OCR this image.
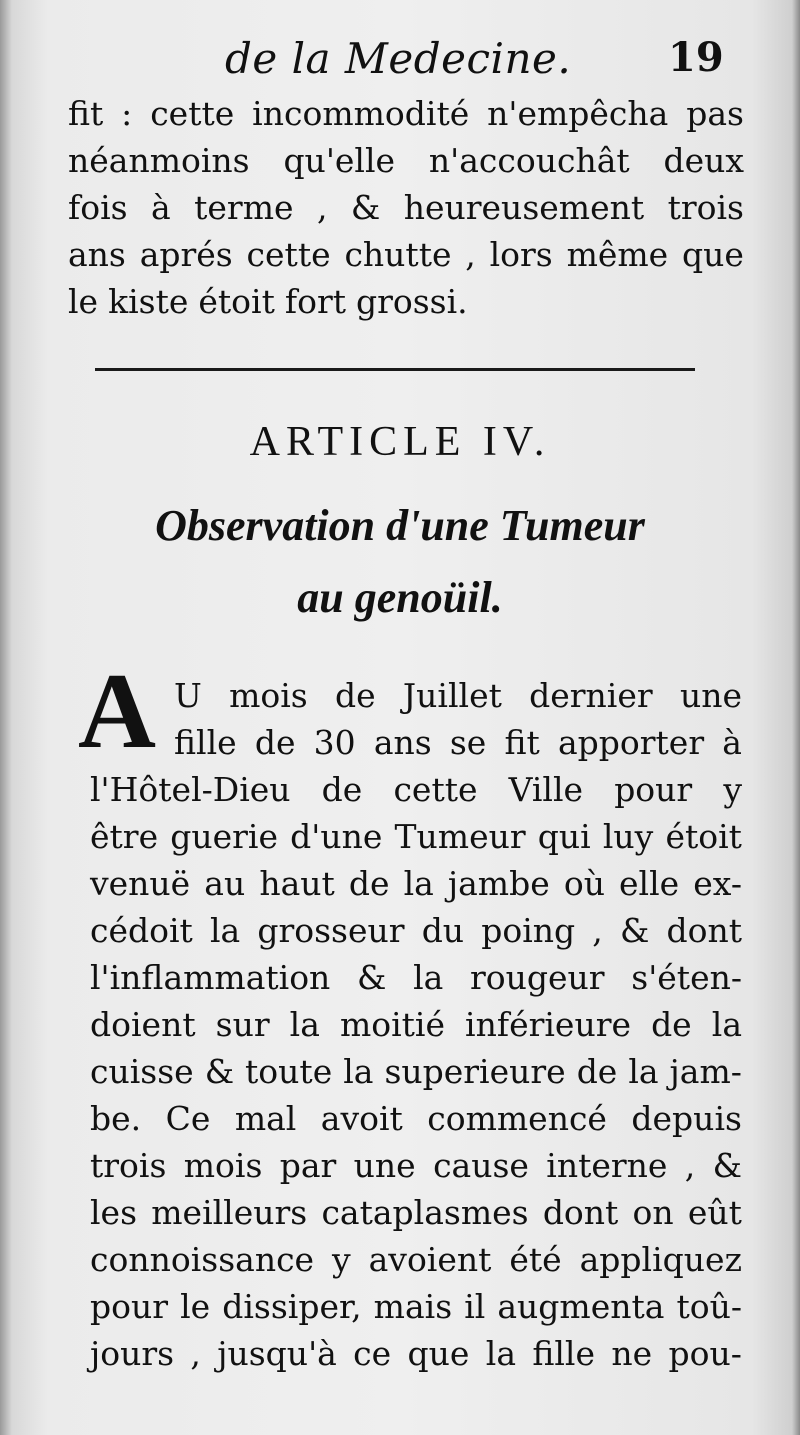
de la Medecine. 19
fit : cette incommodité n'empêcha pas
néanmoins qu'elle n'accouchât deux
fois à terme , & heureusement trois
ans aprés cette chutte , lors même que
le kiste étoit fort grossi.
ARTICLE IV.
Observation d'une Tumeur
au genoüil.
A U mois de Juillet dernier une
fille de 30 ans se fit apporter à
l'Hôtel-Dieu de cette Ville pour y
être guerie d'une Tumeur qui luy étoit
venuë au haut de la jambe où elle ex-
cédoit la grosseur du poing , & dont
l'inflammation & la rougeur s'éten-
doient sur la moitié inférieure de la
cuisse & toute la superieure de la jam-
be. Ce mal avoit commencé depuis
trois mois par une cause interne , &
les meilleurs cataplasmes dont on eût
connoissance y avoient été appliquez
pour le dissiper, mais il augmenta toû-
jours , jusqu'à ce que la fille ne pou-
